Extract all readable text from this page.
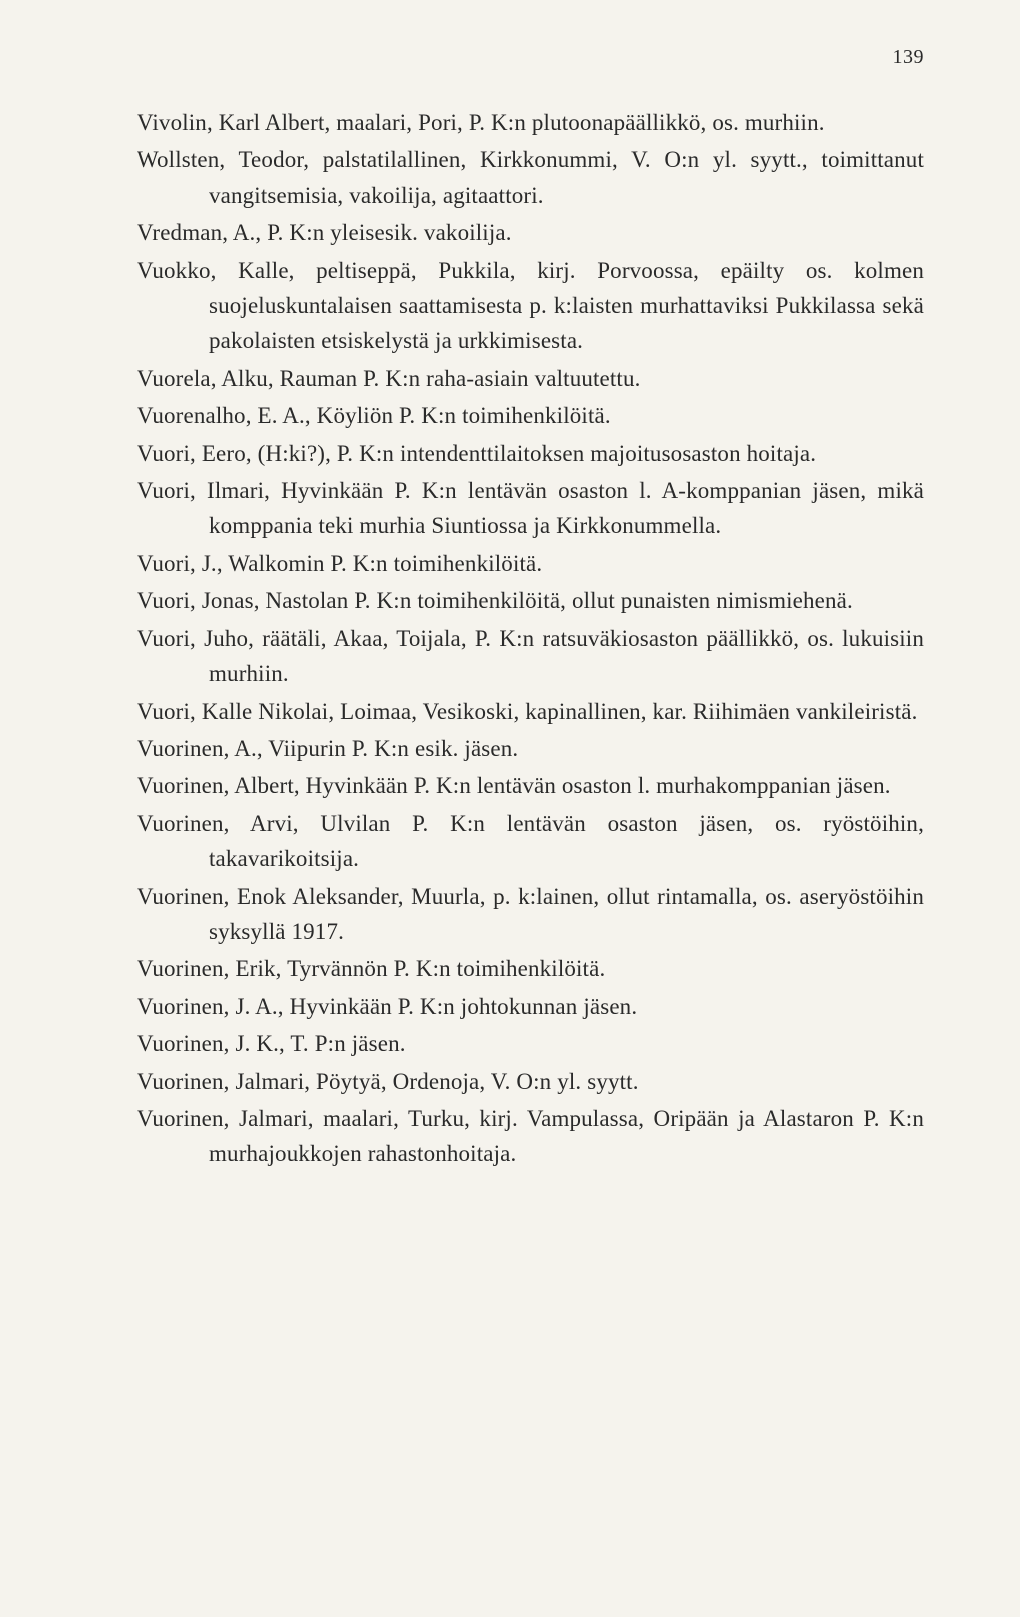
139

Vivolin, Karl Albert, maalari, Pori, P. K:n plutoonapäällikkö, os. murhiin.

Wollsten, Teodor, palstatilallinen, Kirkkonummi, V. O:n yl. syytt., toimittanut vangitsemisia, vakoilija, agitaattori.

Vredman, A., P. K:n yleisesik. vakoilija.

Vuokko, Kalle, peltiseppä, Pukkila, kirj. Porvoossa, epäilty os. kolmen suojeluskuntalaisen saattamisesta p. k:laisten murhattaviksi Pukkilassa sekä pakolaisten etsiskelystä ja urkkimisesta.

Vuorela, Alku, Rauman P. K:n raha-asiain valtuutettu.

Vuorenalho, E. A., Köyliön P. K:n toimihenkilöitä.

Vuori, Eero, (H:ki?), P. K:n intendenttilaitoksen majoitusosaston hoitaja.

Vuori, Ilmari, Hyvinkään P. K:n lentävän osaston l. A-komppanian jäsen, mikä komppania teki murhia Siuntiossa ja Kirkkonummella.

Vuori, J., Walkomin P. K:n toimihenkilöitä.

Vuori, Jonas, Nastolan P. K:n toimihenkilöitä, ollut punaisten nimismiehenä.

Vuori, Juho, räätäli, Akaa, Toijala, P. K:n ratsuväkiosaston päällikkö, os. lukuisiin murhiin.

Vuori, Kalle Nikolai, Loimaa, Vesikoski, kapinallinen, kar. Riihimäen vankileiristä.

Vuorinen, A., Viipurin P. K:n esik. jäsen.

Vuorinen, Albert, Hyvinkään P. K:n lentävän osaston l. murhakomppanian jäsen.

Vuorinen, Arvi, Ulvilan P. K:n lentävän osaston jäsen, os. ryöstöihin, takavarikoitsija.

Vuorinen, Enok Aleksander, Muurla, p. k:lainen, ollut rintamalla, os. aseryöstöihin syksyllä 1917.

Vuorinen, Erik, Tyrvännön P. K:n toimihenkilöitä.

Vuorinen, J. A., Hyvinkään P. K:n johtokunnan jäsen.

Vuorinen, J. K., T. P:n jäsen.

Vuorinen, Jalmari, Pöytyä, Ordenoja, V. O:n yl. syytt.

Vuorinen, Jalmari, maalari, Turku, kirj. Vampulassa, Oripään ja Alastaron P. K:n murhajoukkojen rahastonhoitaja.
